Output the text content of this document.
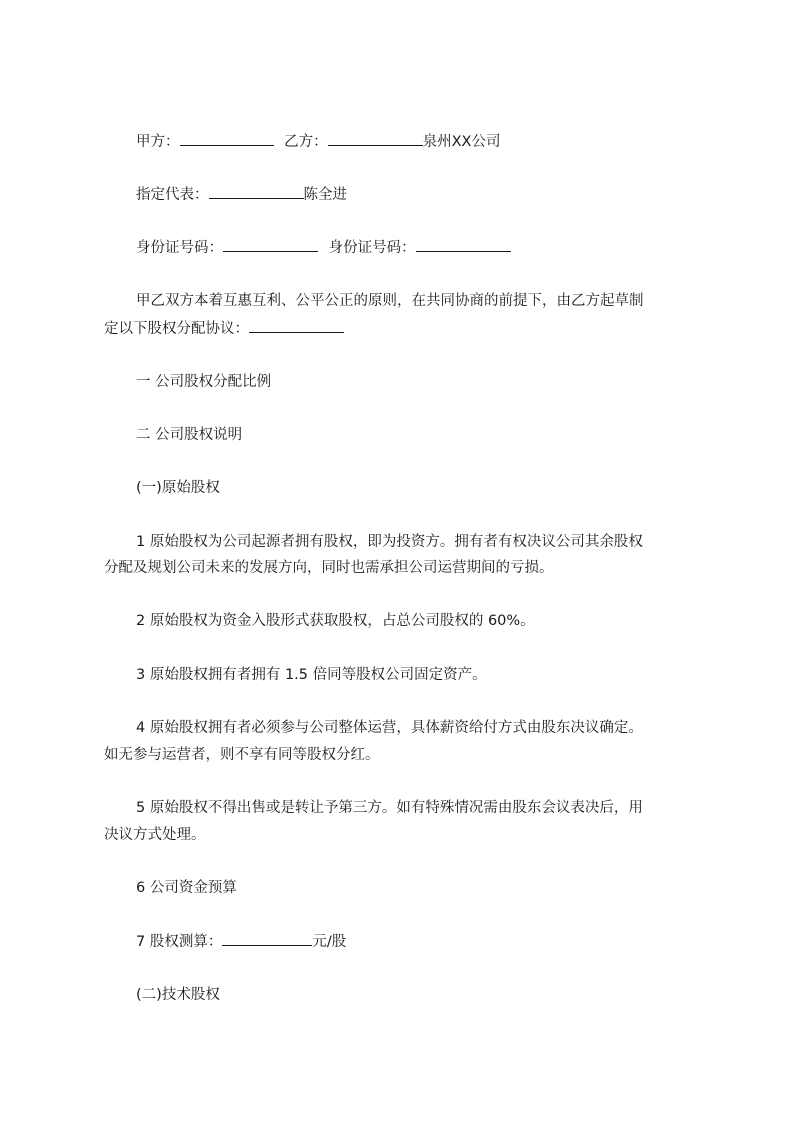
甲方：	乙方：	泉州XX公司
指定代表：	陈全进
身份证号码：	身份证号码：
甲乙双方本着互惠互利、公平公正的原则，在共同协商的前提下，由乙方起草制
定以下股权分配协议：
一 公司股权分配比例
二 公司股权说明
(一)原始股权
1 原始股权为公司起源者拥有股权，即为投资方。拥有者有权决议公司其余股权
分配及规划公司未来的发展方向，同时也需承担公司运营期间的亏损。
2 原始股权为资金入股形式获取股权，占总公司股权的 60%。
3 原始股权拥有者拥有 1.5 倍同等股权公司固定资产。
4 原始股权拥有者必须参与公司整体运营，具体薪资给付方式由股东决议确定。
如无参与运营者，则不享有同等股权分红。
5 原始股权不得出售或是转让予第三方。如有特殊情况需由股东会议表决后，用
决议方式处理。
6 公司资金预算
7 股权测算：	元/股
(二)技术股权
